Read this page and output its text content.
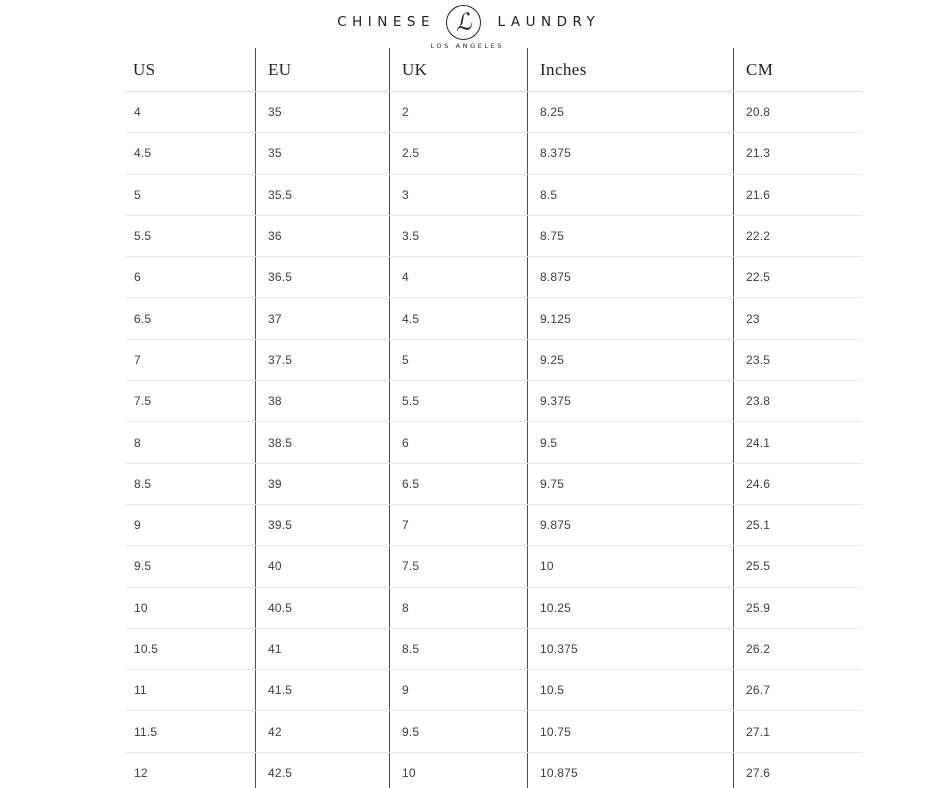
CHINESE ℒ	LAUNDRY
LOS ANGELES
US	EU	UK	Inches	CM
4	35	2	8.25	20.8
4.5	35	2.5	8.375	21.3
5	35.5	3	8.5	21.6
5.5	36	3.5	8.75	22.2
6	36.5	4	8.875	22.5
6.5	37	4.5	9.125	23
7	37.5	5	9.25	23.5
7.5	38	5.5	9.375	23.8
8	38.5	6	9.5	24.1
8.5	39	6.5	9.75	24.6
9	39.5	7	9.875	25.1
9.5	40	7.5	10	25.5
10	40.5	8	10.25	25.9
10.5	41	8.5	10.375	26.2
11	41.5	9	10.5	26.7
11.5	42	9.5	10.75	27.1
12	42.5	10	10.875	27.6
